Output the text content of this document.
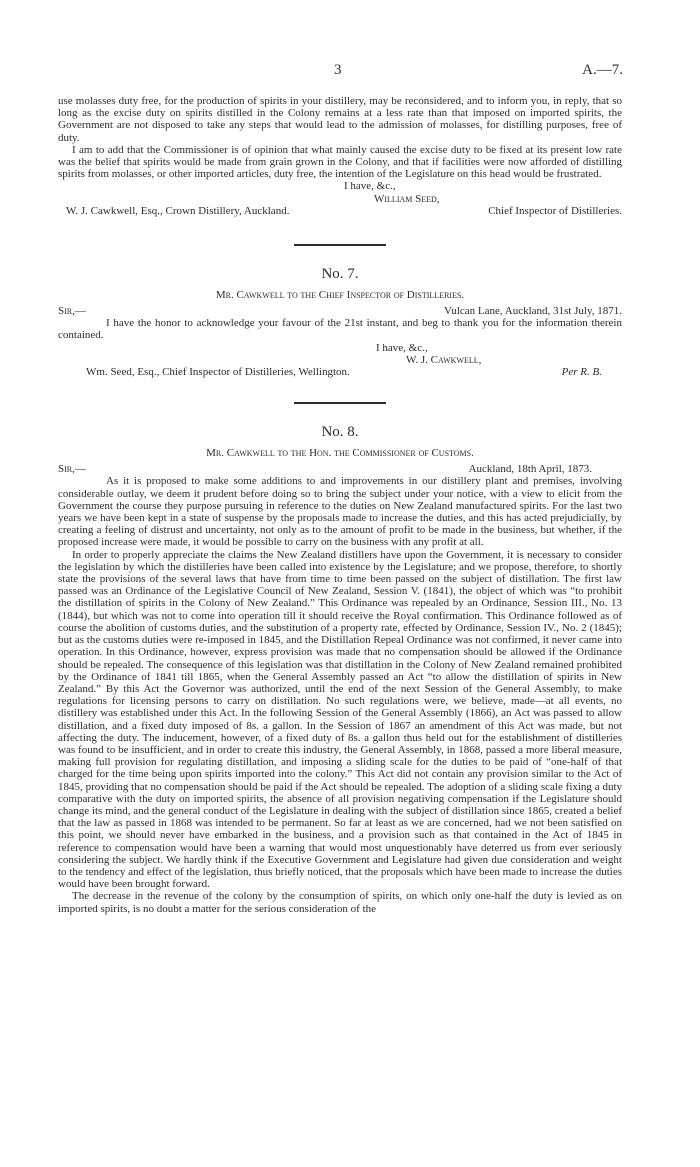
3	A.—7.

use molasses duty free, for the production of spirits in your distillery, may be reconsidered, and to inform you, in reply, that so long as the excise duty on spirits distilled in the Colony remains at a less rate than that imposed on imported spirits, the Government are not disposed to take any steps that would lead to the admission of molasses, for distilling purposes, free of duty.

I am to add that the Commissioner is of opinion that what mainly caused the excise duty to be fixed at its present low rate was the belief that spirits would be made from grain grown in the Colony, and that if facilities were now afforded of distilling spirits from molasses, or other imported articles, duty free, the intention of the Legislature on this head would be frustrated.

I have, &c.,

William Seed,

W. J. Cawkwell, Esq., Crown Distillery, Auckland.	Chief Inspector of Distilleries.

No. 7.

Mr. Cawkwell to the Chief Inspector of Distilleries.

Sir,—	Vulcan Lane, Auckland, 31st July, 1871.

I have the honor to acknowledge your favour of the 21st instant, and beg to thank you for the information therein contained.

I have, &c.,

W. J. Cawkwell,

Wm. Seed, Esq., Chief Inspector of Distilleries, Wellington.	Per R. B.

No. 8.

Mr. Cawkwell to the Hon. the Commissioner of Customs.

Sir,—	Auckland, 18th April, 1873.

As it is proposed to make some additions to and improvements in our distillery plant and premises, involving considerable outlay, we deem it prudent before doing so to bring the subject under your notice, with a view to elicit from the Government the course they purpose pursuing in reference to the duties on New Zealand manufactured spirits. For the last two years we have been kept in a state of suspense by the proposals made to increase the duties, and this has acted prejudicially, by creating a feeling of distrust and uncertainty, not only as to the amount of profit to be made in the business, but whether, if the proposed increase were made, it would be possible to carry on the business with any profit at all.

In order to properly appreciate the claims the New Zealand distillers have upon the Government, it is necessary to consider the legislation by which the distilleries have been called into existence by the Legislature; and we propose, therefore, to shortly state the provisions of the several laws that have from time to time been passed on the subject of distillation. The first law passed was an Ordinance of the Legislative Council of New Zealand, Session V. (1841), the object of which was “to prohibit the distillation of spirits in the Colony of New Zealand.” This Ordinance was repealed by an Ordinance, Session III., No. 13 (1844), but which was not to come into operation till it should receive the Royal confirmation. This Ordinance followed as of course the abolition of customs duties, and the substitution of a property rate, effected by Ordinance, Session IV., No. 2 (1845); but as the customs duties were re-imposed in 1845, and the Distillation Repeal Ordinance was not confirmed, it never came into operation. In this Ordinance, however, express provision was made that no compensation should be allowed if the Ordinance should be repealed. The consequence of this legislation was that distillation in the Colony of New Zealand remained prohibited by the Ordinance of 1841 till 1865, when the General Assembly passed an Act “to allow the distillation of spirits in New Zealand.” By this Act the Governor was authorized, until the end of the next Session of the General Assembly, to make regulations for licensing persons to carry on distillation. No such regulations were, we believe, made—at all events, no distillery was established under this Act. In the following Session of the General Assembly (1866), an Act was passed to allow distillation, and a fixed duty imposed of 8s. a gallon. In the Session of 1867 an amendment of this Act was made, but not affecting the duty. The inducement, however, of a fixed duty of 8s. a gallon thus held out for the establishment of distilleries was found to be insufficient, and in order to create this industry, the General Assembly, in 1868, passed a more liberal measure, making full provision for regulating distillation, and imposing a sliding scale for the duties to be paid of “one-half of that charged for the time being upon spirits imported into the colony.” This Act did not contain any provision similar to the Act of 1845, providing that no compensation should be paid if the Act should be repealed. The adoption of a sliding scale fixing a duty comparative with the duty on imported spirits, the absence of all provision negativing compensation if the Legislature should change its mind, and the general conduct of the Legislature in dealing with the subject of distillation since 1865, created a belief that the law as passed in 1868 was intended to be permanent. So far at least as we are concerned, had we not been satisfied on this point, we should never have embarked in the business, and a provision such as that contained in the Act of 1845 in reference to compensation would have been a warning that would most unquestionably have deterred us from ever seriously considering the subject. We hardly think if the Executive Government and Legislature had given due consideration and weight to the tendency and effect of the legislation, thus briefly noticed, that the proposals which have been made to increase the duties would have been brought forward.

The decrease in the revenue of the colony by the consumption of spirits, on which only one-half the duty is levied as on imported spirits, is no doubt a matter for the serious consideration of the
